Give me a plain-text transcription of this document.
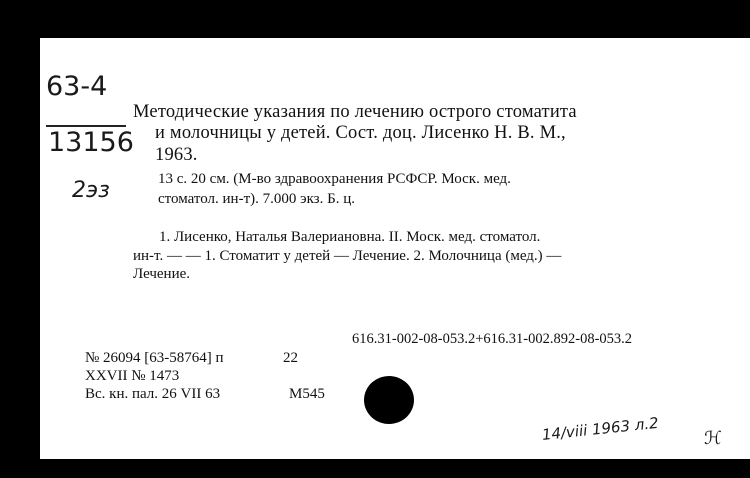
63-4
13156
2эз
Методические указания по лечению острого стоматита
и молочницы у детей. Сост. доц. Лисенко Н. В. М.,
1963.
13 с. 20 см. (М-во здравоохранения РСФСР. Моск. мед.
стоматол. ин-т). 7.000 экз. Б. ц.
1. Лисенко, Наталья Валериановна. II. Моск. мед. стоматол.
ин-т. — — 1. Стоматит у детей — Лечение. 2. Молочница (мед.) —
Лечение.
616.31-002-08-053.2+616.31-002.892-08-053.2
№ 26094 [63-58764] п	22
XXVII № 1473
Вс. кн. пал. 26 VII 63	М545
14/viii 1963 л.2 ℋ
